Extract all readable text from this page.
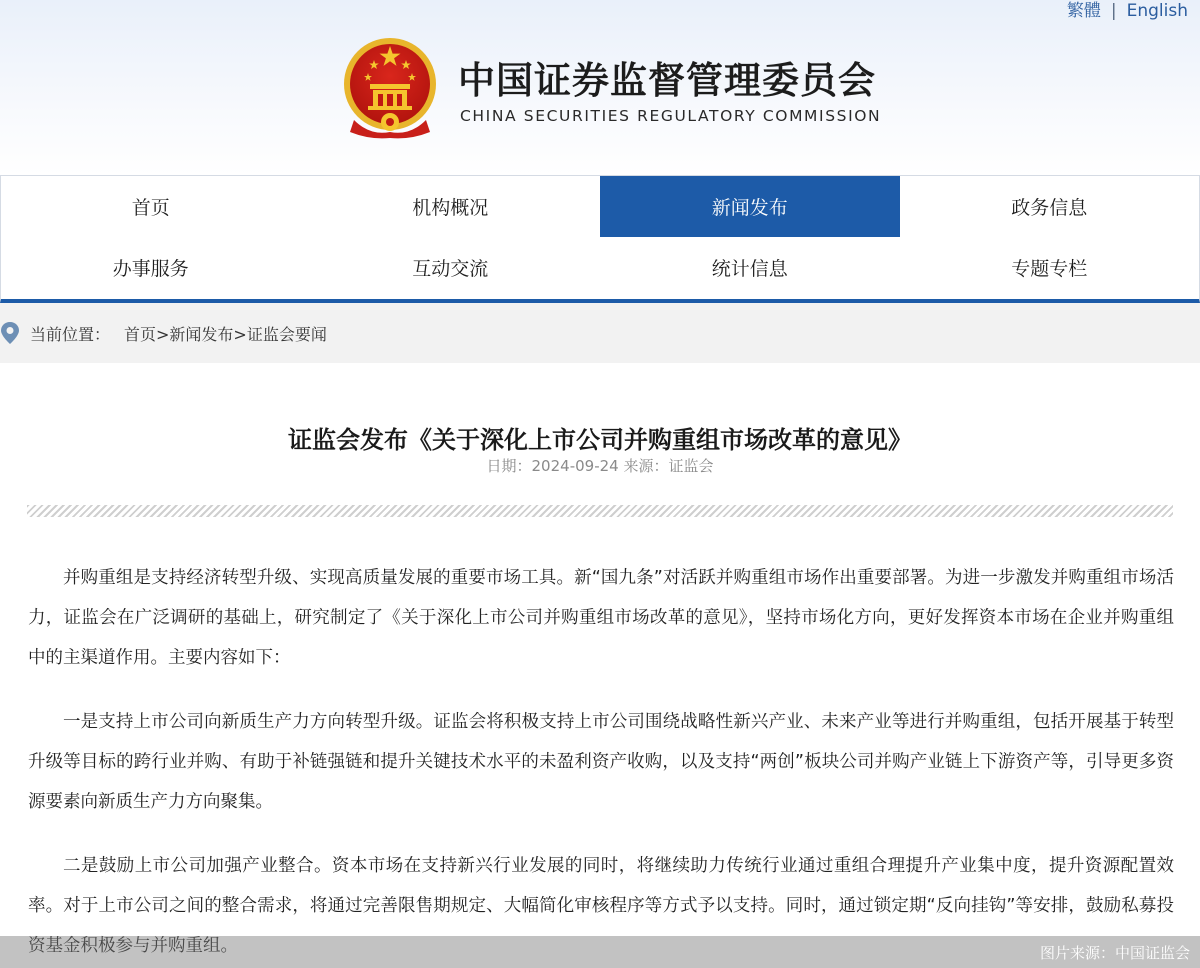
繁體 | English
中国证券监督管理委员会
CHINA SECURITIES REGULATORY COMMISSION
首页	机构概况	新闻发布	政务信息
办事服务	互动交流	统计信息	专题专栏
当前位置： 首页>新闻发布>证监会要闻
证监会发布《关于深化上市公司并购重组市场改革的意见》
日期：2024-09-24 来源：证监会

并购重组是支持经济转型升级、实现高质量发展的重要市场工具。新“国九条”对活跃并购重组市场作出重要部署。为进一步激发并购重组市场活力，证监会在广泛调研的基础上，研究制定了《关于深化上市公司并购重组市场改革的意见》，坚持市场化方向，更好发挥资本市场在企业并购重组中的主渠道作用。主要内容如下：

一是支持上市公司向新质生产力方向转型升级。证监会将积极支持上市公司围绕战略性新兴产业、未来产业等进行并购重组，包括开展基于转型升级等目标的跨行业并购、有助于补链强链和提升关键技术水平的未盈利资产收购，以及支持“两创”板块公司并购产业链上下游资产等，引导更多资源要素向新质生产力方向聚集。

二是鼓励上市公司加强产业整合。资本市场在支持新兴行业发展的同时，将继续助力传统行业通过重组合理提升产业集中度，提升资源配置效率。对于上市公司之间的整合需求，将通过完善限售期规定、大幅简化审核程序等方式予以支持。同时，通过锁定期“反向挂钩”等安排，鼓励私募投资基金积极参与并购重组。	图片来源：中国证监会
